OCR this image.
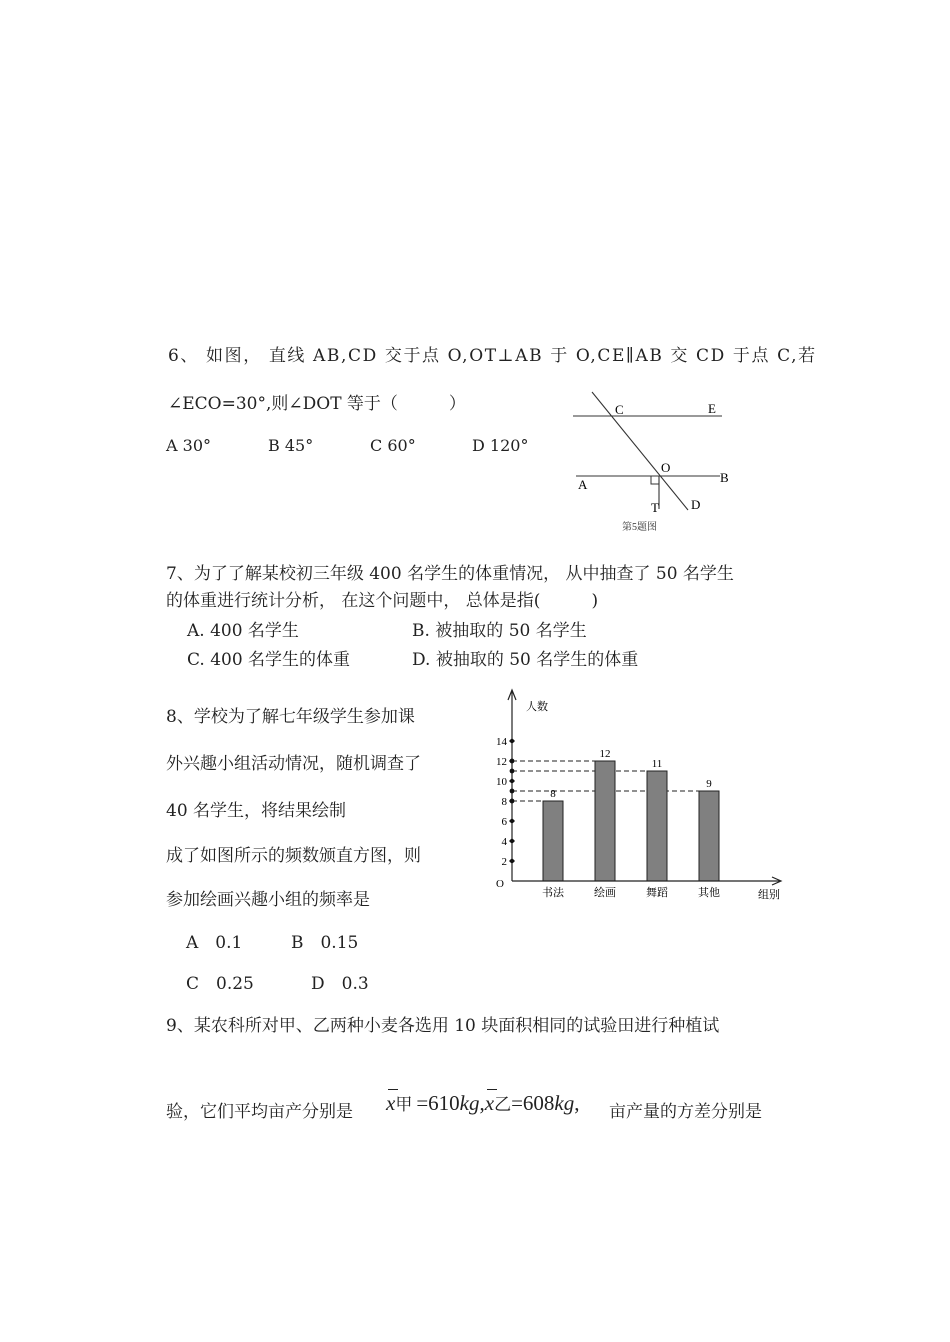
6、 如图， 直线 AB,CD 交于点 O,OT⊥AB 于 O,CE∥AB 交 CD 于点 C,若
∠ECO=30°,则∠DOT 等于（　　　）
A 30°	B 45°	C 60°	D 120°
C	E
O
A	B
T D
第5题图
7、为了了解某校初三年级 400 名学生的体重情况， 从中抽查了 50 名学生
的体重进行统计分析， 在这个问题中， 总体是指(　　　)
A. 400 名学生	B. 被抽取的 50 名学生
C. 400 名学生的体重	D. 被抽取的 50 名学生的体重
8、学校为了解七年级学生参加课
外兴趣小组活动情况，随机调查了
40 名学生，将结果绘制
成了如图所示的频数颁直方图，则
参加绘画兴趣小组的频率是
A　0.1	B　0.15
C　0.25	D　0.3
8
书法
12
绘画
11
舞蹈
9
其他
2
4
6
8
10
12
14
人数
组别
O
9、某农科所对甲、乙两种小麦各选用 10 块面积相同的试验田进行种植试
验，它们平均亩产分别是 x甲 =610kg,
x乙=608kg, 亩产量的方差分别是
